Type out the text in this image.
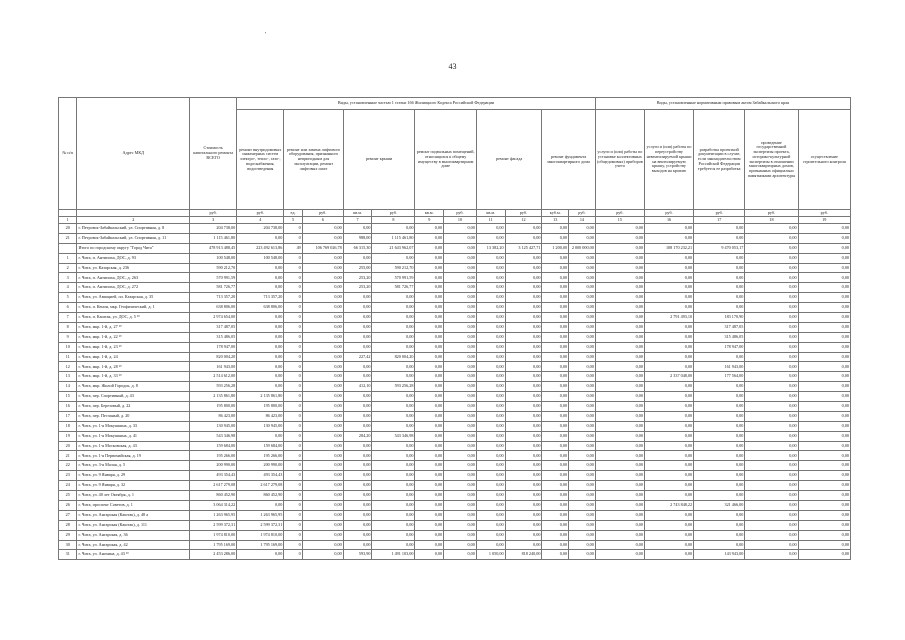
'
43
№ п/п	Адрес МКД	Стоимость капитального ремонта ВСЕГО	Виды, установленные частью 1 статьи 166 Жилищного Кодекса Российской Федерации											Виды, установленные нормативным правовым актом Забайкальского края				
			ремонт внутридомовых инженерных систем электро-, тепло-, газо-, водоснабжения, водоотведения	ремонт или замена лифтового оборудования, признанного непригодным для эксплуатации, ремонт лифтовых шахт		ремонт крыши		ремонт подвальных помещений, относящихся к общему имуществу в многоквартирном доме		ремонт фасада		ремонт фундамента многоквартирного дома		услуги и (или) работы по установке коллективных (общедомовых) приборов учета	услуги и (или) работы по переустройству невентилируемой крыши на вентилируемую крышу, устройству выходов на кровлю	разработка проектной документации в случае, если законодательством Российской Федерации требуется ее разработка	проведение государственной экспертизы проекта, историко-культурной экспертизы в отношении многоквартирных домов, признанных официально памятниками архитектуры	осуществление строительного контроля
		руб.	руб.	ед.	руб.	кв.м.	руб.	кв.м.	руб.	кв.м.	руб.	куб.м.	руб.	руб.	руб.	руб.	руб.	руб.
1	2	3	4	5	6	7	8	9	10	11	12	13	14	15	16	17	18	19
20	г. Петровск-Забайкальский, ул. Спортивная, д. 8	204 738,00	204 738,00	0	0,00	0,00	0,00	0,00	0,00	0,00	0,00	0,00	0,00	0,00	0,00	0,00	0,00	0,00
21	г. Петровск-Забайкальский, ул. Спортивная, д. 11	1 115 461,80	0,00	0	0,00	988,00	1 115 461,80	0,00	0,00	0,00	0,00	0,00	0,00	0,00	0,00	0,00	0,00	0,00
	Итого по городскому округу "Город Чита"	478 913 488,45	223 492 613,86	49	106 769 026,78	66 315,30	21 643 962,07	0,00	0,00	13 382,20	3 125 427,71	1 200,00	2 000 000,00	0,00	108 170 232,21	9 470 053,17	0,00	0,00
1	г. Чита, п. Антипиха, ДОС, д. 93	100 548,00	100 548,00	0	0,00	0,00	0,00	0,00	0,00	0,00	0,00	0,00	0,00	0,00	0,00	0,00	0,00	0,00
2	г. Чита, ул. Казарская, д. 236	590 212,70	0,00	0	0,00	255,00	590 212,70	0,00	0,00	0,00	0,00	0,00	0,00	0,00	0,00	0,00	0,00	0,00
3	г. Чита, п. Антипиха, ДОС, д. 263	570 991,59	0,00	0	0,00	253,20	570 991,59	0,00	0,00	0,00	0,00	0,00	0,00	0,00	0,00	0,00	0,00	0,00
4	г. Чита, п. Антипиха, ДОС, д. 272	581 726,77	0,00	0	0,00	253,20	581 726,77	0,00	0,00	0,00	0,00	0,00	0,00	0,00	0,00	0,00	0,00	0,00
5	г. Чита, ул. Авиацией, пл. Казарская, д. 35	713 357,20	713 357,20	0	0,00	0,00	0,00	0,00	0,00	0,00	0,00	0,00	0,00	0,00	0,00	0,00	0,00	0,00
6	г. Чита, п. Кенон, мкр. Геофизический, д. 1	638 806,00	638 806,00	0	0,00	0,00	0,00	0,00	0,00	0,00	0,00	0,00	0,00	0,00	0,00	0,00	0,00	0,00
7	г. Чита, п. Каштак, ул. ДОС, д. 5 ¹⁰	2 974 654,00	0,00	0	0,00	0,00	0,00	0,00	0,00	0,00	0,00	0,00	0,00	0,00	2 791 493,10	183 170,90	0,00	0,00
8	г. Чита, мкр. 1-й, д. 27 ¹⁰	317 487,05	0,00	0	0,00	0,00	0,00	0,00	0,00	0,00	0,00	0,00	0,00	0,00	0,00	317 487,05	0,00	0,00
9	г. Чита, мкр. 1-й, д. 22 ¹⁰	315 486,05	0,00	0	0,00	0,00	0,00	0,00	0,00	0,00	0,00	0,00	0,00	0,00	0,00	315 486,05	0,00	0,00
10	г. Чита, мкр. 1-й, д. 23 ¹⁰	178 947,00	0,00	0	0,00	0,00	0,00	0,00	0,00	0,00	0,00	0,00	0,00	0,00	0,00	178 947,00	0,00	0,00
11	г. Чита, мкр. 1-й, д. 24	820 004,20	0,00	0	0,00	227,42	820 004,20	0,00	0,00	0,00	0,00	0,00	0,00	0,00	0,00	0,00	0,00	0,00
12	г. Чита, мкр. 1-й, д. 28 ¹⁰	161 943,00	0,00	0	0,00	0,00	0,00	0,00	0,00	0,00	0,00	0,00	0,00	0,00	0,00	161 943,00	0,00	0,00
13	г. Чита, мкр. 1-й, д. 33 ¹⁰	2 514 612,00	0,00	0	0,00	0,00	0,00	0,00	0,00	0,00	0,00	0,00	0,00	0,00	2 337 048,00	177 564,00	0,00	0,00
14	г. Чита, мкр. Жилой Городок, д. 8	593 256,28	0,00	0	0,00	412,10	593 256,28	0,00	0,00	0,00	0,00	0,00	0,00	0,00	0,00	0,00	0,00	0,00
15	г. Чита, пер. Спортивный, д. 43	2 135 861,80	2 135 861,80	0	0,00	0,00	0,00	0,00	0,00	0,00	0,00	0,00	0,00	0,00	0,00	0,00	0,00	0,00
16	г. Чита, пер. Березовый, д. 22	195 800,00	195 800,00	0	0,00	0,00	0,00	0,00	0,00	0,00	0,00	0,00	0,00	0,00	0,00	0,00	0,00	0,00
17	г. Чита, пер. Песчаный, д. 20	86 423,00	86 423,00	0	0,00	0,00	0,00	0,00	0,00	0,00	0,00	0,00	0,00	0,00	0,00	0,00	0,00	0,00
18	г. Чита, ул. 1-я Мокушкина, д. 33	130 945,00	130 945,00	0	0,00	0,00	0,00	0,00	0,00	0,00	0,00	0,00	0,00	0,00	0,00	0,00	0,00	0,00
19	г. Чита, ул. 1-я Мокушкина, д. 41	543 346,98	0,00	0	0,00	284,20	543 346,98	0,00	0,00	0,00	0,00	0,00	0,00	0,00	0,00	0,00	0,00	0,00
20	г. Чита, ул. 1-я Московская, д. 43	159 684,00	159 684,00	0	0,00	0,00	0,00	0,00	0,00	0,00	0,00	0,00	0,00	0,00	0,00	0,00	0,00	0,00
21	г. Чита, ул. 1-я Первомайская, д. 19	195 266,00	195 266,00	0	0,00	0,00	0,00	0,00	0,00	0,00	0,00	0,00	0,00	0,00	0,00	0,00	0,00	0,00
22	г. Чита, ул. 3-я Малая, д. 5	200 990,00	200 990,00	0	0,00	0,00	0,00	0,00	0,00	0,00	0,00	0,00	0,00	0,00	0,00	0,00	0,00	0,00
23	г. Чита, ул. 9 Января, д. 29	493 354,43	493 354,43	0	0,00	0,00	0,00	0,00	0,00	0,00	0,00	0,00	0,00	0,00	0,00	0,00	0,00	0,00
24	г. Чита, ул. 9 Января, д. 32	2 617 279,08	2 617 279,08	0	0,00	0,00	0,00	0,00	0,00	0,00	0,00	0,00	0,00	0,00	0,00	0,00	0,00	0,00
25	г. Чита, ул. 40 лет Октября, д. 1	860 452,90	860 452,90	0	0,00	0,00	0,00	0,00	0,00	0,00	0,00	0,00	0,00	0,00	0,00	0,00	0,00	0,00
26	г. Чита, проспект Советов, д. 1	3 064 314,22	0,00	0	0,00	0,00	0,00	0,00	0,00	0,00	0,00	0,00	0,00	0,00	2 743 848,22	321 466,00	0,00	0,00
27	г. Чита, ул. Ангарская (Каштак), д. 48 а	1 263 965,95	1 263 965,95	0	0,00	0,00	0,00	0,00	0,00	0,00	0,00	0,00	0,00	0,00	0,00	0,00	0,00	0,00
28	г. Чита, ул. Ангарская (Каштак), д. 111	2 599 372,31	2 599 372,31	0	0,00	0,00	0,00	0,00	0,00	0,00	0,00	0,00	0,00	0,00	0,00	0,00	0,00	0,00
29	г. Чита, ул. Ангарская, д. 36	1 974 810,00	1 974 810,00	0	0,00	0,00	0,00	0,00	0,00	0,00	0,00	0,00	0,00	0,00	0,00	0,00	0,00	0,00
30	г. Чита, ул. Ангарская, д. 42	1 795 169,00	1 795 169,00	0	0,00	0,00	0,00	0,00	0,00	0,00	0,00	0,00	0,00	0,00	0,00	0,00	0,00	0,00
31	г. Чита, ул. Анохина, д. 43 ¹⁰	2 453 286,00	0,00	0	0,00	593,90	1 491 103,00	0,00	0,00	1 050,00	818 240,00	0,00	0,00	0,00	0,00	143 943,00	0,00	0,00
